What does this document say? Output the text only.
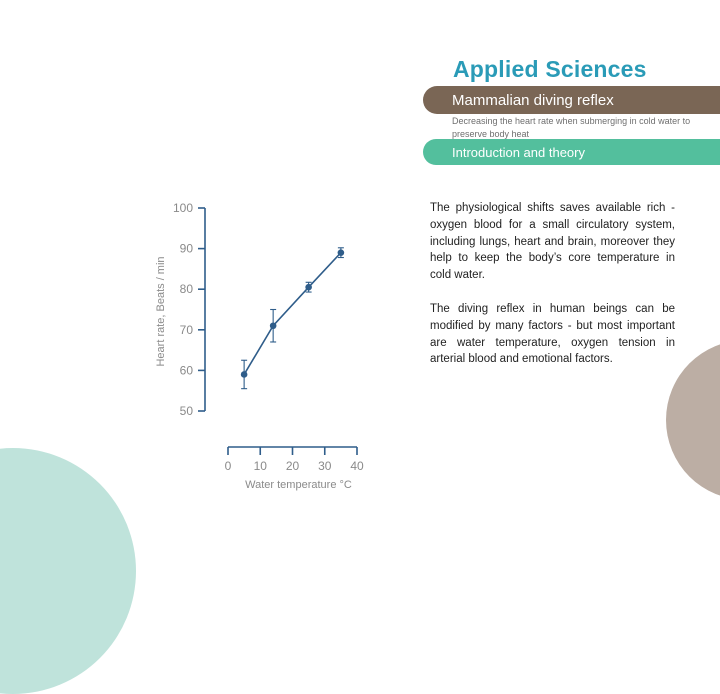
Applied Sciences
Mammalian diving reflex
Decreasing the heart rate when submerging in cold water to preserve body heat
Introduction and theory
The physiological shifts saves available rich -oxygen blood for a small circulatory system, including lungs, heart and brain, moreover they help to keep the body’s core temperature in cold water.
The diving reflex in human beings can be modified by many factors - but most important are water temperature, oxygen tension in arterial blood and emotional factors.
50
60
70
80
90
100
0 10 20 30 40
Water temperature °C
Heart rate, Beats / min
